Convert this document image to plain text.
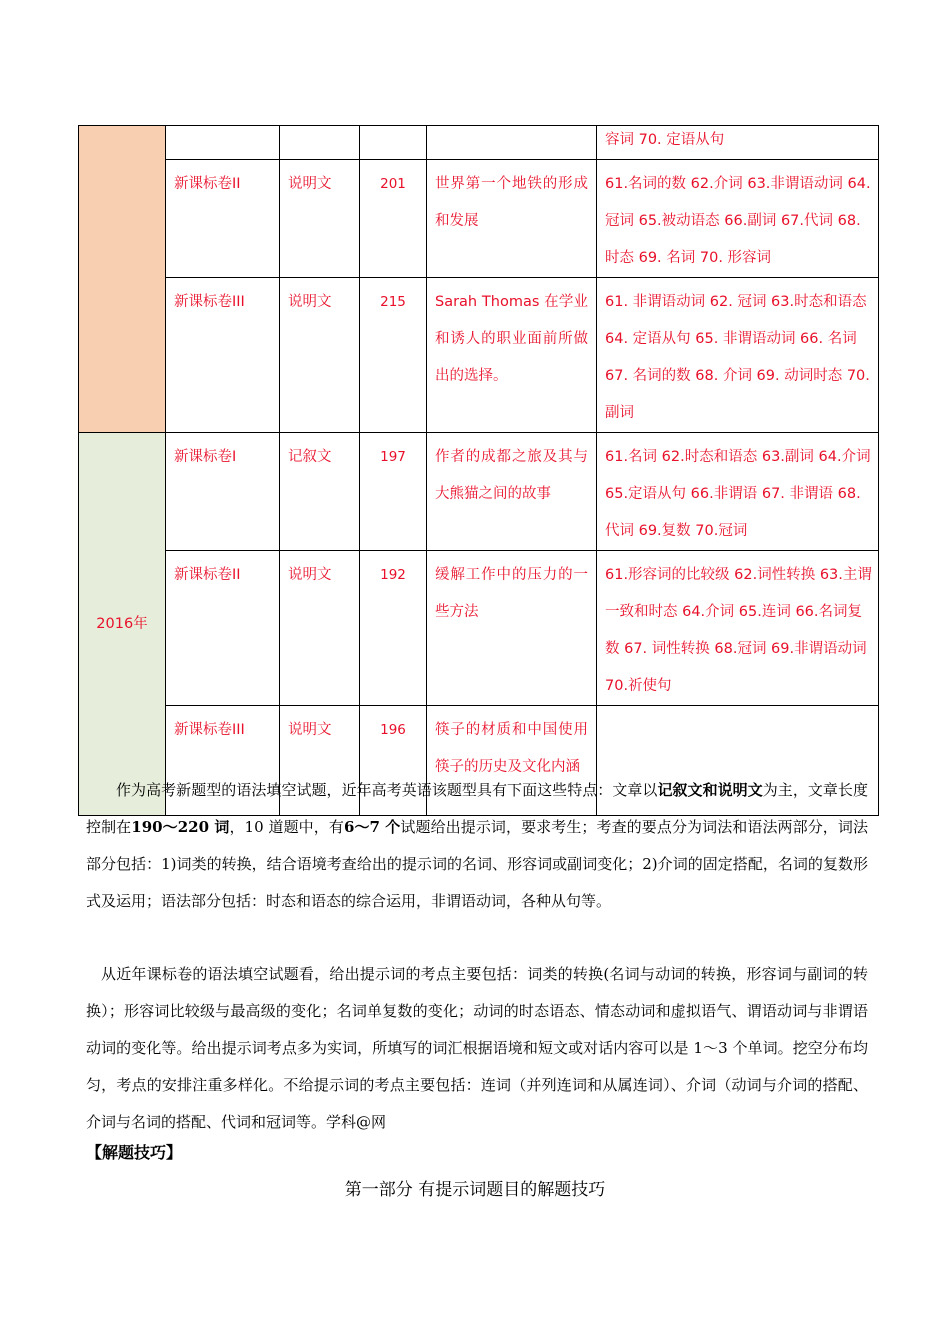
					容词 70. 定语从句
	新课标卷II	说明文	201	世界第一个地铁的形成和发展	61.名词的数 62.介词 63.非谓语动词 64.冠词 65.被动语态 66.副词 67.代词 68. 时态 69. 名词 70. 形容词
	新课标卷III	说明文	215	Sarah Thomas 在学业和诱人的职业面前所做出的选择。	61. 非谓语动词 62. 冠词 63.时态和语态 64. 定语从句 65. 非谓语动词 66. 名词 67. 名词的数 68. 介词 69. 动词时态 70. 副词
2016年	新课标卷I	记叙文	197	作者的成都之旅及其与大熊猫之间的故事	61.名词 62.时态和语态 63.副词 64.介词 65.定语从句 66.非谓语 67. 非谓语 68.代词 69.复数 70.冠词
	新课标卷II	说明文	192	缓解工作中的压力的一些方法	61.形容词的比较级 62.词性转换 63.主谓一致和时态 64.介词 65.连词 66.名词复数 67. 词性转换 68.冠词 69.非谓语动词 70.祈使句
	新课标卷III	说明文	196	筷子的材质和中国使用筷子的历史及文化内涵	
作为高考新题型的语法填空试题，近年高考英语该题型具有下面这些特点：文章以记叙文和说明文为主，文章长度控制在190～220 词，10 道题中，有6～7 个试题给出提示词，要求考生；考查的要点分为词法和语法两部分，词法部分包括：1)词类的转换，结合语境考查给出的提示词的名词、形容词或副词变化；2)介词的固定搭配，名词的复数形式及运用；语法部分包括：时态和语态的综合运用，非谓语动词，各种从句等。
从近年课标卷的语法填空试题看，给出提示词的考点主要包括：词类的转换(名词与动词的转换，形容词与副词的转换）；形容词比较级与最高级的变化；名词单复数的变化；动词的时态语态、情态动词和虚拟语气、谓语动词与非谓语动词的变化等。给出提示词考点多为实词，所填写的词汇根据语境和短文或对话内容可以是 1～3 个单词。挖空分布均匀，考点的安排注重多样化。不给提示词的考点主要包括：连词（并列连词和从属连词）、介词（动词与介词的搭配、介词与名词的搭配、代词和冠词等。学科@网
【解题技巧】
第一部分 有提示词题目的解题技巧
